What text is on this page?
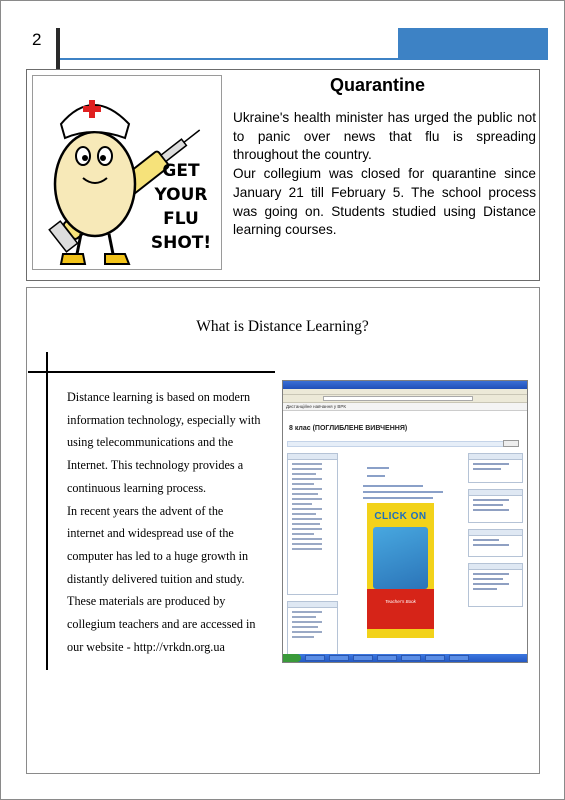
2
GET
YOUR
FLU
SHOT!
Quarantine

Ukraine's health minister has urged the public not to panic over news that flu is spreading throughout the country.

Our collegium was closed for quarantine since January 21 till February 5. The school process was going on. Students studied using Distance learning courses.

What is Distance Learning?

Distance learning is based on modern

information technology, especially with

using telecommunications and the

Internet. This technology provides a

continuous learning process.

In recent years the advent of the

internet and widespread use of the

computer has led to a huge growth in

distantly delivered tuition and study.

These materials are produced by

collegium teachers and are accessed in

our website - http://vrkdn.org.ua

Дистанційне навчання у ВРК
8 клас (ПОГЛИБЛЕНЕ ВИВЧЕННЯ)
CLICK ON
Teacher's Book
